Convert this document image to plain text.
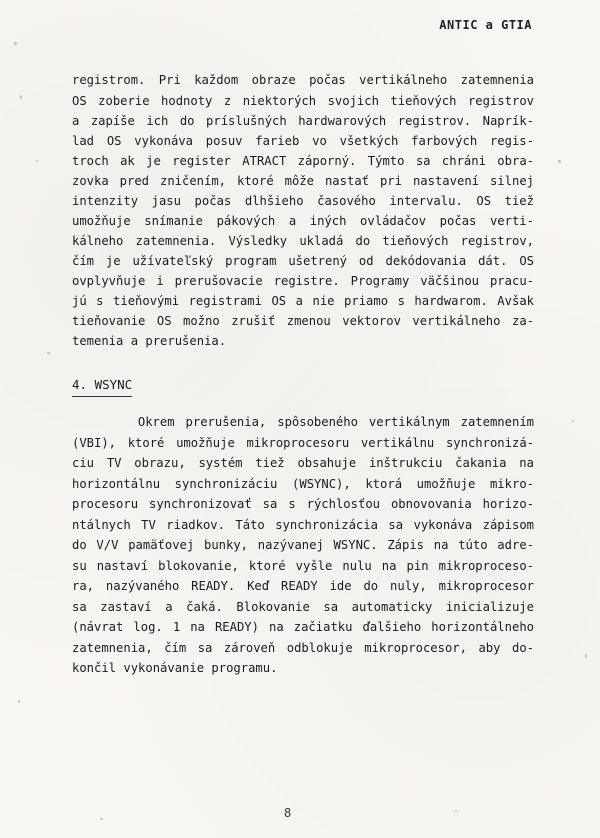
ANTIC a GTIA
registrom. Pri každom obraze počas vertikálneho zatemnenia
OS zoberie hodnoty z niektorých svojich tieňových registrov
a zapíše ich do príslušných hardwarových registrov. Naprík-
lad OS vykonáva posuv farieb vo všetkých farbových regis-
troch ak je register ATRACT záporný. Týmto sa chráni obra-
zovka pred zničením, ktoré môže nastať pri nastavení silnej
intenzity jasu počas dlhšieho časového intervalu. OS tiež
umožňuje snímanie pákových a iných ovládačov počas verti-
kálneho zatemnenia. Výsledky ukladá do tieňových registrov,
čím je užívateľský program ušetrený od dekódovania dát. OS
ovplyvňuje i prerušovacie registre. Programy väčšinou pracu-
jú s tieňovými registrami OS a nie priamo s hardwarom. Avšak
tieňovanie OS možno zrušiť zmenou vektorov vertikálneho za-
temenia a prerušenia.
4. WSYNC
Okrem prerušenia, spôsobeného vertikálnym zatemnením
(VBI), ktoré umožňuje mikroprocesoru vertikálnu synchronizá-
ciu TV obrazu, systém tiež obsahuje inštrukciu čakania na
horizontálnu synchronizáciu (WSYNC), ktorá umožňuje mikro-
procesoru synchronizovať sa s rýchlosťou obnovovania horizo-
ntálnych TV riadkov. Táto synchronizácia sa vykonáva zápisom
do V/V pamäťovej bunky, nazývanej WSYNC. Zápis na túto adre-
su nastaví blokovanie, ktoré vyšle nulu na pin mikroproceso-
ra, nazývaného READY. Keď READY ide do nuly, mikroprocesor
sa zastaví a čaká. Blokovanie sa automaticky inicializuje
(návrat log. 1 na READY) na začiatku ďalšieho horizontálneho
zatemnenia, čím sa zároveň odblokuje mikroprocesor, aby do-
končil vykonávanie programu.
8
